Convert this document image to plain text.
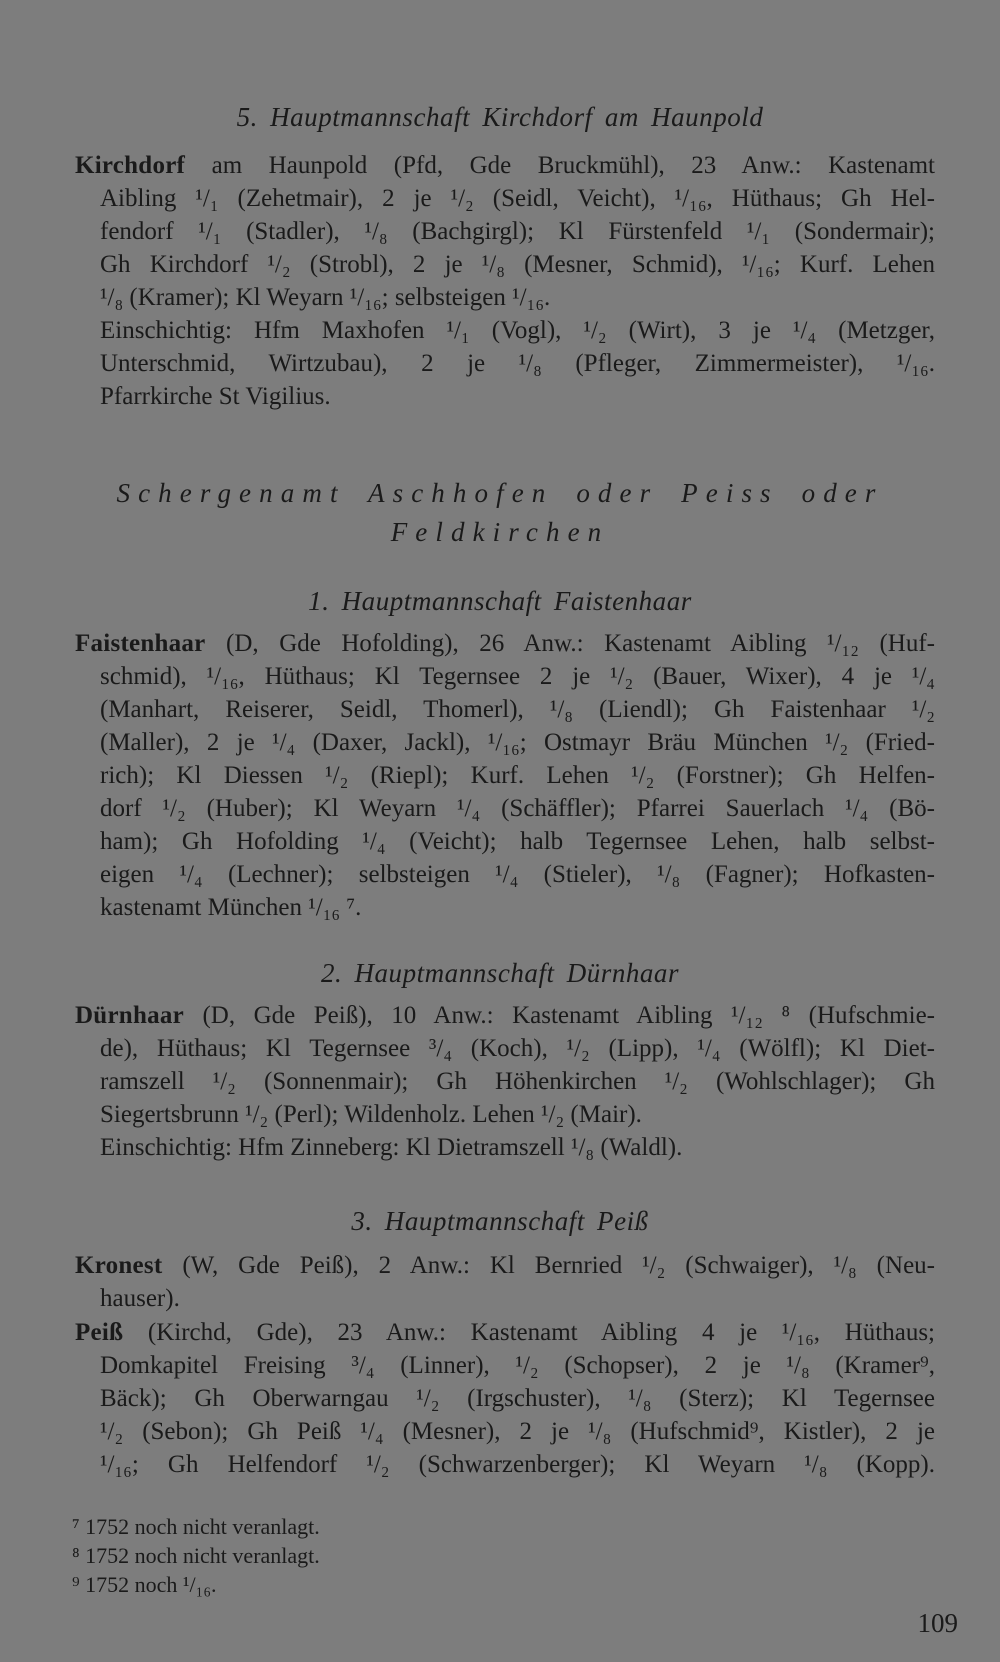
5. Hauptmannschaft Kirchdorf am Haunpold
Kirchdorf am Haunpold (Pfd, Gde Bruckmühl), 23 Anw.: Kastenamt
Aibling ¹/₁ (Zehetmair), 2 je ¹/₂ (Seidl, Veicht), ¹/₁₆, Hüthaus; Gh Hel-
fendorf ¹/₁ (Stadler), ¹/₈ (Bachgirgl); Kl Fürstenfeld ¹/₁ (Sondermair);
Gh Kirchdorf ¹/₂ (Strobl), 2 je ¹/₈ (Mesner, Schmid), ¹/₁₆; Kurf. Lehen
¹/₈ (Kramer); Kl Weyarn ¹/₁₆; selbsteigen ¹/₁₆.
Einschichtig: Hfm Maxhofen ¹/₁ (Vogl), ¹/₂ (Wirt), 3 je ¹/₄ (Metzger,
Unterschmid, Wirtzubau), 2 je ¹/₈ (Pfleger, Zimmermeister), ¹/₁₆.
Pfarrkirche St Vigilius.
Schergenamt Aschhofen oder Peiss oder
Feldkirchen
1. Hauptmannschaft Faistenhaar
Faistenhaar (D, Gde Hofolding), 26 Anw.: Kastenamt Aibling ¹/₁₂ (Huf-
schmid), ¹/₁₆, Hüthaus; Kl Tegernsee 2 je ¹/₂ (Bauer, Wixer), 4 je ¹/₄
(Manhart, Reiserer, Seidl, Thomerl), ¹/₈ (Liendl); Gh Faistenhaar ¹/₂
(Maller), 2 je ¹/₄ (Daxer, Jackl), ¹/₁₆; Ostmayr Bräu München ¹/₂ (Fried-
rich); Kl Diessen ¹/₂ (Riepl); Kurf. Lehen ¹/₂ (Forstner); Gh Helfen-
dorf ¹/₂ (Huber); Kl Weyarn ¹/₄ (Schäffler); Pfarrei Sauerlach ¹/₄ (Bö-
ham); Gh Hofolding ¹/₄ (Veicht); halb Tegernsee Lehen, halb selbst-
eigen ¹/₄ (Lechner); selbsteigen ¹/₄ (Stieler), ¹/₈ (Fagner); Hofkasten-
kastenamt München ¹/₁₆ ⁷.
2. Hauptmannschaft Dürnhaar
Dürnhaar (D, Gde Peiß), 10 Anw.: Kastenamt Aibling ¹/₁₂ ⁸ (Hufschmie-
de), Hüthaus; Kl Tegernsee ³/₄ (Koch), ¹/₂ (Lipp), ¹/₄ (Wölfl); Kl Diet-
ramszell ¹/₂ (Sonnenmair); Gh Höhenkirchen ¹/₂ (Wohlschlager); Gh
Siegertsbrunn ¹/₂ (Perl); Wildenholz. Lehen ¹/₂ (Mair).
Einschichtig: Hfm Zinneberg: Kl Dietramszell ¹/₈ (Waldl).
3. Hauptmannschaft Peiß
Kronest (W, Gde Peiß), 2 Anw.: Kl Bernried ¹/₂ (Schwaiger), ¹/₈ (Neu-
hauser).
Peiß (Kirchd, Gde), 23 Anw.: Kastenamt Aibling 4 je ¹/₁₆, Hüthaus;
Domkapitel Freising ³/₄ (Linner), ¹/₂ (Schopser), 2 je ¹/₈ (Kramer⁹,
Bäck); Gh Oberwarngau ¹/₂ (Irgschuster), ¹/₈ (Sterz); Kl Tegernsee
¹/₂ (Sebon); Gh Peiß ¹/₄ (Mesner), 2 je ¹/₈ (Hufschmid⁹, Kistler), 2 je
¹/₁₆; Gh Helfendorf ¹/₂ (Schwarzenberger); Kl Weyarn ¹/₈ (Kopp).
⁷ 1752 noch nicht veranlagt.
⁸ 1752 noch nicht veranlagt.
⁹ 1752 noch ¹/₁₆.
109
